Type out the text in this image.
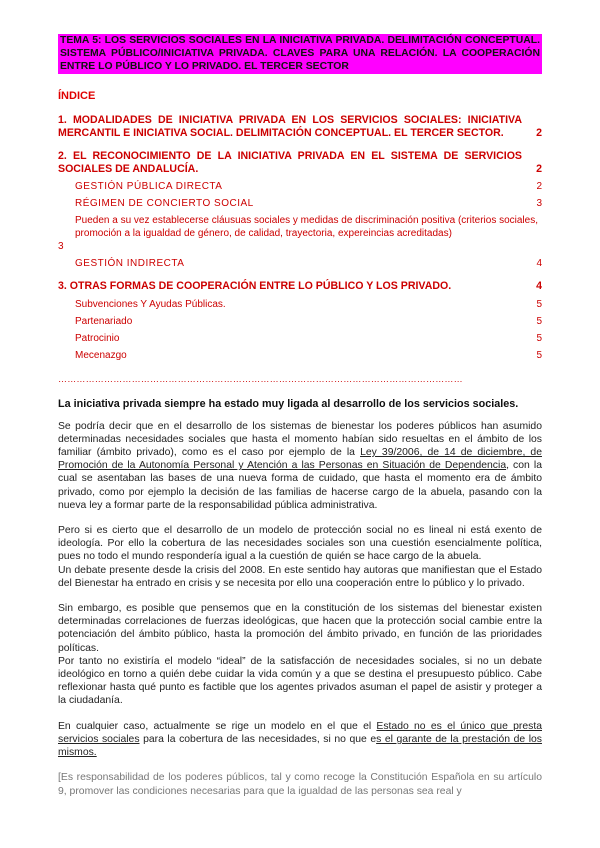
TEMA 5: LOS SERVICIOS SOCIALES EN LA INICIATIVA PRIVADA. DELIMITACIÓN CONCEPTUAL. SISTEMA PÚBLICO/INICIATIVA PRIVADA. CLAVES PARA UNA RELACIÓN. LA COOPERACIÓN ENTRE LO PÚBLICO Y LO PRIVADO. EL TERCER SECTOR
ÍNDICE
1. MODALIDADES DE INICIATIVA PRIVADA EN LOS SERVICIOS SOCIALES: INICIATIVA MERCANTIL E INICIATIVA SOCIAL. DELIMITACIÓN CONCEPTUAL. EL TERCER SECTOR.	2
2. EL RECONOCIMIENTO DE LA INICIATIVA PRIVADA EN EL SISTEMA DE SERVICIOS SOCIALES DE ANDALUCÍA.	2
GESTIÓN PÚBLICA DIRECTA	2
RÉGIMEN DE CONCIERTO SOCIAL	3
Pueden a su vez establecerse cláusuas sociales y medidas de discriminación positiva (criterios sociales, promoción a la igualdad de género, de calidad, trayectoria, expereincias acreditadas)
3
GESTIÓN INDIRECTA	4
3. OTRAS FORMAS DE COOPERACIÓN ENTRE LO PÚBLICO Y LOS PRIVADO.	4
Subvenciones Y Ayudas Públicas.	5
Partenariado	5
Patrocinio	5
Mecenazgo	5
……………………………………………………………………………………………………………………
La iniciativa privada siempre ha estado muy ligada al desarrollo de los servicios sociales.

Se podría decir que en el desarrollo de los sistemas de bienestar los poderes públicos han asumido determinadas necesidades sociales que hasta el momento habían sido resueltas en el ámbito de los familiar (ámbito privado), como es el caso por ejemplo de la Ley 39/2006, de 14 de diciembre, de Promoción de la Autonomía Personal y Atención a las Personas en Situación de Dependencia, con la cual se asentaban las bases de una nueva forma de cuidado, que hasta el momento era de ámbito privado, como por ejemplo la decisión de las familias de hacerse cargo de la abuela, pasando con la nueva ley a formar parte de la responsabilidad pública administrativa.

Pero si es cierto que el desarrollo de un modelo de protección social no es lineal ni está exento de ideología. Por ello la cobertura de las necesidades sociales son una cuestión esencialmente política, pues no todo el mundo respondería igual a la cuestión de quién se hace cargo de la abuela.

Un debate presente desde la crisis del 2008. En este sentido hay autoras que manifiestan que el Estado del Bienestar ha entrado en crisis y se necesita por ello una cooperación entre lo público y lo privado.

Sin embargo, es posible que pensemos que en la constitución de los sistemas del bienestar existen determinadas correlaciones de fuerzas ideológicas, que hacen que la protección social cambie entre la potenciación del ámbito público, hasta la promoción del ámbito privado, en función de las prioridades políticas.

Por tanto no existiría el modelo “ideal” de la satisfacción de necesidades sociales, si no un debate ideológico en torno a quién debe cuidar la vida común y a que se destina el presupuesto público. Cabe reflexionar hasta qué punto es factible que los agentes privados asuman el papel de asistir y proteger a la ciudadanía.

En cualquier caso, actualmente se rige un modelo en el que el Estado no es el único que presta servicios sociales para la cobertura de las necesidades, si no que es el garante de la prestación de los mismos.

[Es responsabilidad de los poderes públicos, tal y como recoge la Constitución Española en su artículo 9, promover las condiciones necesarias para que la igualdad de las personas sea real y
